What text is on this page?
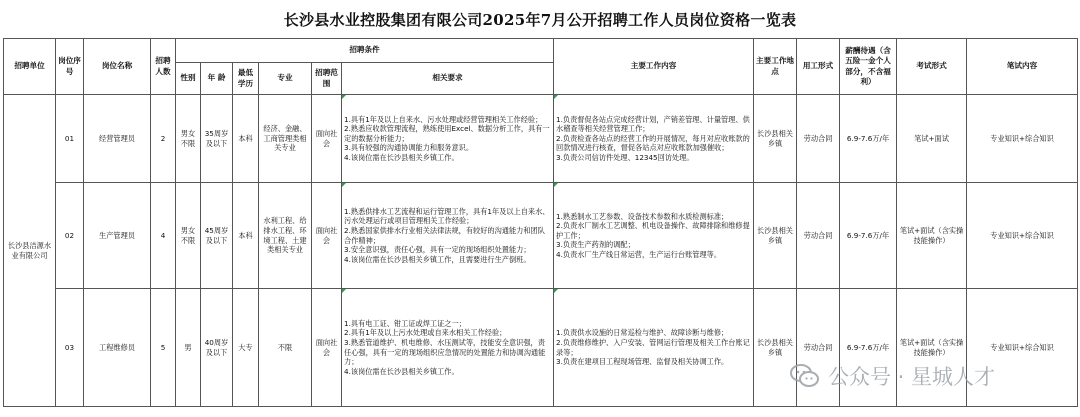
长沙县水业控股集团有限公司2025年7月公开招聘工作人员岗位资格一览表
招聘单位	岗位序号	岗位名称	招聘人数	招聘条件						主要工作内容	主要工作地点	用工形式	薪酬待遇（含五险一金个人部分，不含福利）	考试形式	笔试内容
				性别	年 龄	最低学历	专业	招聘范围	相关要求						
长沙县洁源水业有限公司	01	经营管理员	2	男女不限	35周岁及以下	本科	经济、金融、工商管理类相关专业	面向社会	1.具有1年及以上自来水、污水处理或经营管理相关工作经验；
2.熟悉应收款管理流程，熟练使用Excel、数据分析工作，具有一定的数据分析能力；
3.具有较强的沟通协调能力和服务意识。
4.该岗位需在长沙县相关乡镇工作。	1.负责督促各站点完成经营计划，产销差管理、计量管理、供水稽查等相关经营管理工作；
2.负责检查各站点的经营工作的开展情况，每月对应收账款的回款情况进行核查，督促各站点对应收账款加强催收；
3.负责公司信访件处理、12345回访处理。	长沙县相关乡镇	劳动合同	6.9-7.6万/年	笔试+面试	专业知识+综合知识
	02	生产管理员	4	男女不限	45周岁及以下	本科	水利工程、给排水工程、环境工程、土建类相关专业	面向社会	1.熟悉供排水工艺流程和运行管理工作，具有1年及以上自来水、污水处理运行或项目管理相关工作经验；
2.熟悉国家供排水行业相关法律法规，有较好的沟通能力和团队合作精神；
3.安全意识强，责任心强，具有一定的现场组织处置能力；
4.该岗位需在长沙县相关乡镇工作，且需要进行生产倒班。	1.熟悉制水工艺参数、设备技术参数和水质检测标准；
2.负责水厂制水工艺调整、机电设备操作、故障排除和维修提护工作；
3.负责生产药剂的调配；
4.负责水厂生产线日常运营，生产运行台账管理等。	长沙县相关乡镇	劳动合同	6.9-7.6万/年	笔试+面试（含实操技能操作）	专业知识+综合知识
	03	工程维修员	5	男	40周岁及以下	大专	不限	面向社会	1.具有电工证、钳工证或焊工证之一；
2.具有1年及以上污水处理或自来水相关工作经验；
3.熟悉管道维护、机电维修、水压测试等，技能安全意识强，责任心强，具有一定的现场组织应急情况的处置能力和协调沟通能力；
4.该岗位需在长沙县相关乡镇工作。	1.负责供水设施的日常巡检与维护、故障诊断与维修；
2.负责维修维护、入户安装、管网运行管理及相关工作台账记录等；
3.负责在建项目工程现场管理、监督及相关协调工作。	长沙县相关乡镇	劳动合同	6.9-7.6万/年	笔试+面试（含实操技能操作）	专业知识+综合知识
公众号 · 星城人才
